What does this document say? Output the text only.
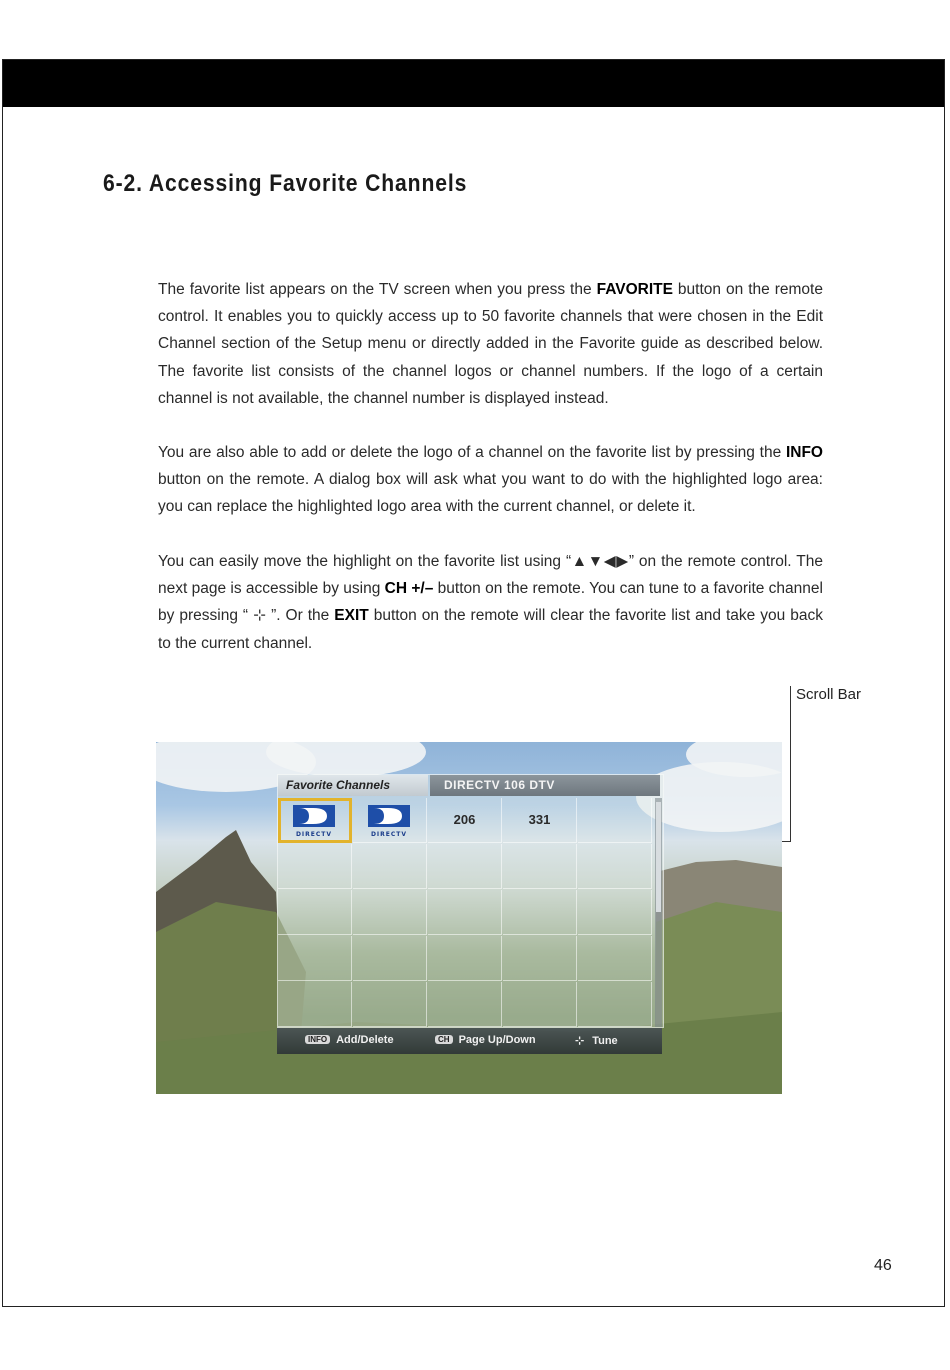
6-2. Accessing Favorite Channels

The favorite list appears on the TV screen when you press the FAVORITE button on the remote control. It enables you to quickly access up to 50 favorite channels that were chosen in the Edit Channel section of the Setup menu or directly added in the Favorite guide as described below. The favorite list consists of the channel logos or channel numbers. If the logo of a certain channel is not available, the channel number is displayed instead.

You are also able to add or delete the logo of a channel on the favorite list by pressing the INFO button on the remote. A dialog box will ask what you want to do with the highlighted logo area: you can replace the highlighted logo area with the current channel, or delete it.

You can easily move the highlight on the favorite list using “▲▼◀▶” on the remote control. The next page is accessible by using CH +/– button on the remote. You can tune to a favorite channel by pressing “ ⊹ ”. Or the EXIT button on the remote will clear the favorite list and take you back to the current channel.

Scroll Bar
Favorite Channels	DIRECTV 106 DTV
DIRECTV	DIRECTV
206	331
INFO Add/Delete	CH Page Up/Down	⊹ Tune
46
